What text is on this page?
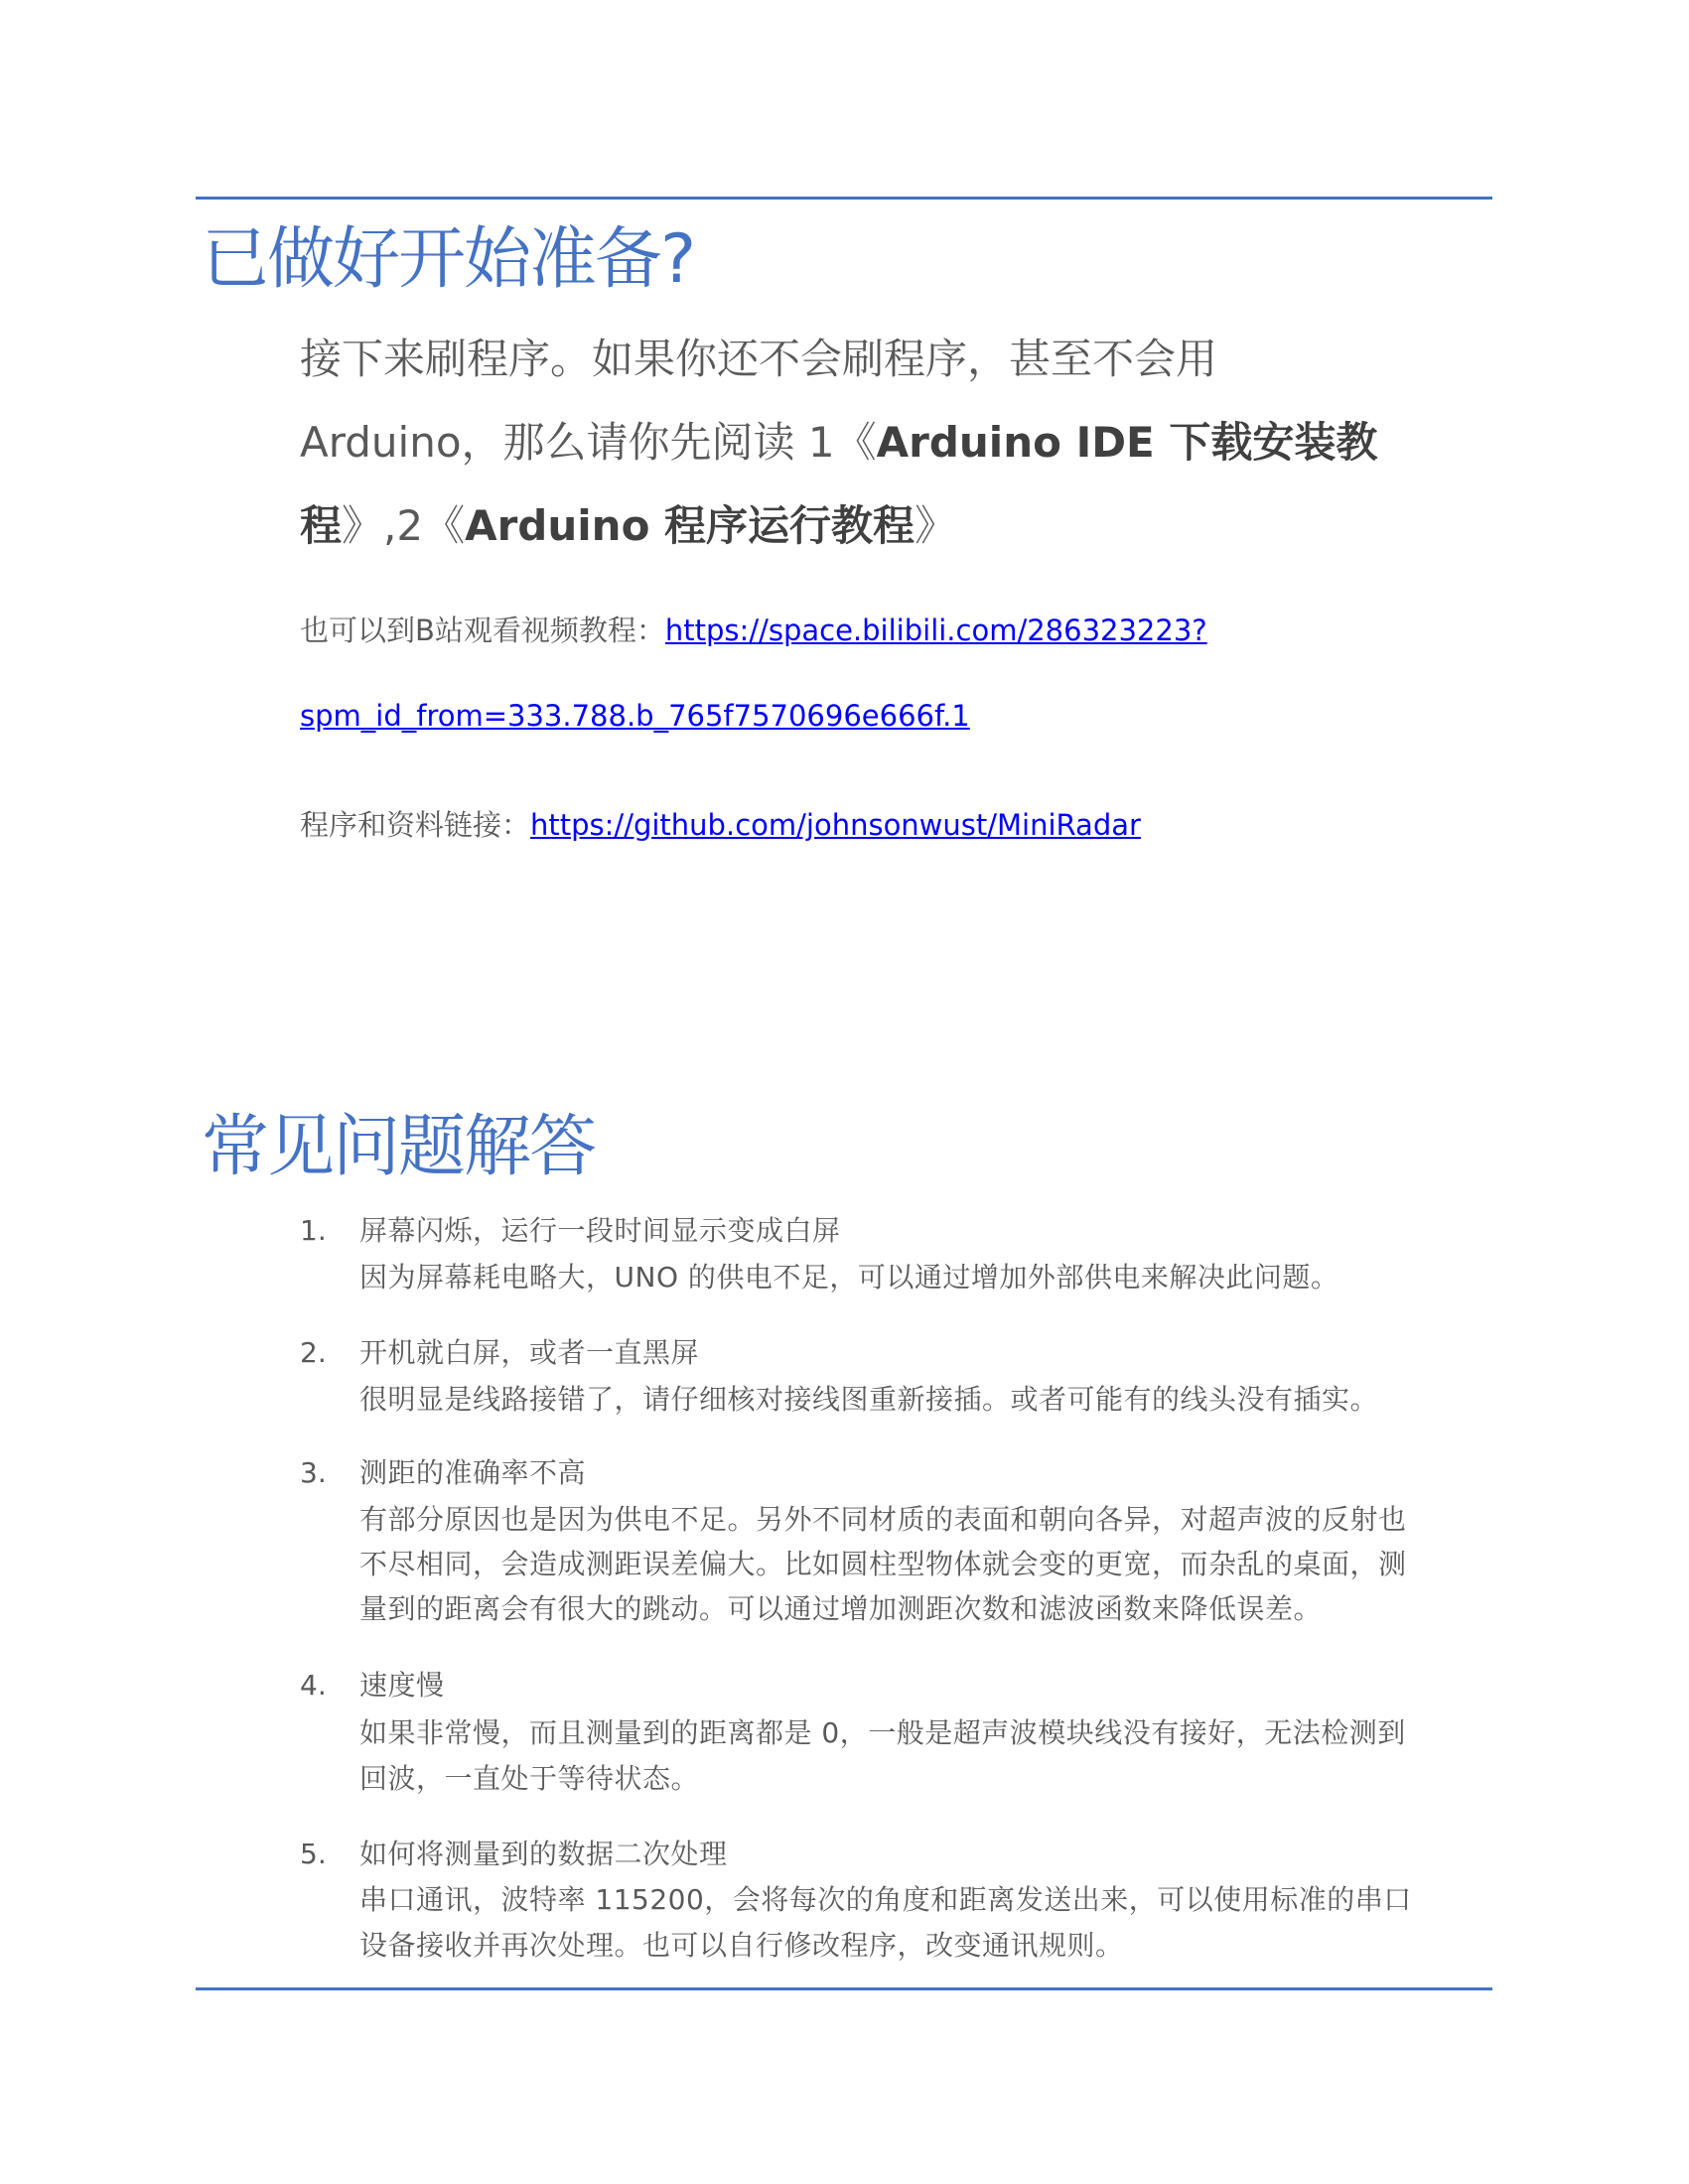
已做好开始准备?
接下来刷程序。如果你还不会刷程序，甚至不会用
Arduino，那么请你先阅读 1《Arduino IDE 下载安装教
程》,2《Arduino 程序运行教程》
也可以到B站观看视频教程：https://space.bilibili.com/286323223?
spm_id_from=333.788.b_765f7570696e666f.1
程序和资料链接：https://github.com/johnsonwust/MiniRadar
常见问题解答
1. 屏幕闪烁，运行一段时间显示变成白屏
因为屏幕耗电略大，UNO 的供电不足，可以通过增加外部供电来解决此问题。
2. 开机就白屏，或者一直黑屏
很明显是线路接错了，请仔细核对接线图重新接插。或者可能有的线头没有插实。
3. 测距的准确率不高
有部分原因也是因为供电不足。另外不同材质的表面和朝向各异，对超声波的反射也
不尽相同，会造成测距误差偏大。比如圆柱型物体就会变的更宽，而杂乱的桌面，测
量到的距离会有很大的跳动。可以通过增加测距次数和滤波函数来降低误差。
4. 速度慢
如果非常慢，而且测量到的距离都是 0，一般是超声波模块线没有接好，无法检测到
回波，一直处于等待状态。
5. 如何将测量到的数据二次处理
串口通讯，波特率 115200，会将每次的角度和距离发送出来，可以使用标准的串口
设备接收并再次处理。也可以自行修改程序，改变通讯规则。
